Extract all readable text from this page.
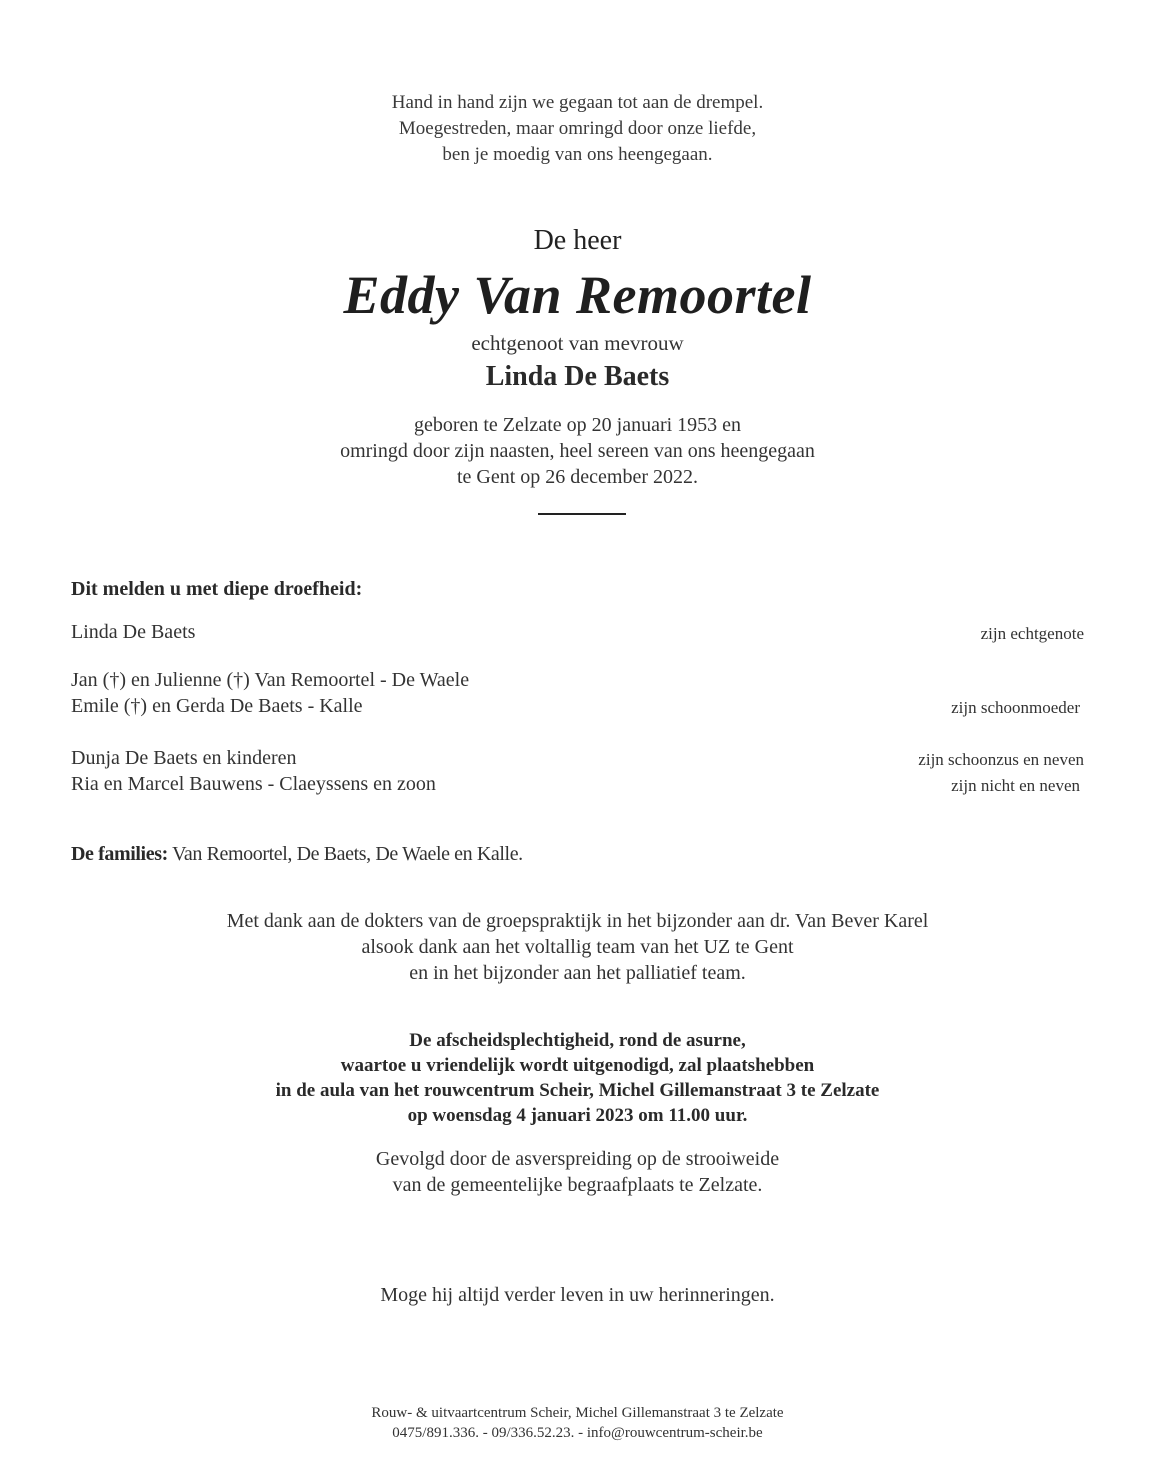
Hand in hand zijn we gegaan tot aan de drempel.
Moegestreden, maar omringd door onze liefde,
ben je moedig van ons heengegaan.
De heer
Eddy Van Remoortel
echtgenoot van mevrouw
Linda De Baets
geboren te Zelzate op 20 januari 1953 en
omringd door zijn naasten, heel sereen van ons heengegaan
te Gent op 26 december 2022.
Dit melden u met diepe droefheid:
Linda De Baets	zijn echtgenote
Jan (†) en Julienne (†) Van Remoortel - De Waele
Emile (†) en Gerda De Baets - Kalle	zijn schoonmoeder
Dunja De Baets en kinderen	zijn schoonzus en neven
Ria en Marcel Bauwens - Claeyssens en zoon	zijn nicht en neven
De families: Van Remoortel, De Baets, De Waele en Kalle.
Met dank aan de dokters van de groepspraktijk in het bijzonder aan dr. Van Bever Karel
alsook dank aan het voltallig team van het UZ te Gent
en in het bijzonder aan het palliatief team.
De afscheidsplechtigheid, rond de asurne,
waartoe u vriendelijk wordt uitgenodigd, zal plaatshebben
in de aula van het rouwcentrum Scheir, Michel Gillemanstraat 3 te Zelzate
op woensdag 4 januari 2023 om 11.00 uur.
Gevolgd door de asverspreiding op de strooiweide
van de gemeentelijke begraafplaats te Zelzate.
Moge hij altijd verder leven in uw herinneringen.
Rouw- & uitvaartcentrum Scheir, Michel Gillemanstraat 3 te Zelzate
0475/891.336. - 09/336.52.23. - info@rouwcentrum-scheir.be
